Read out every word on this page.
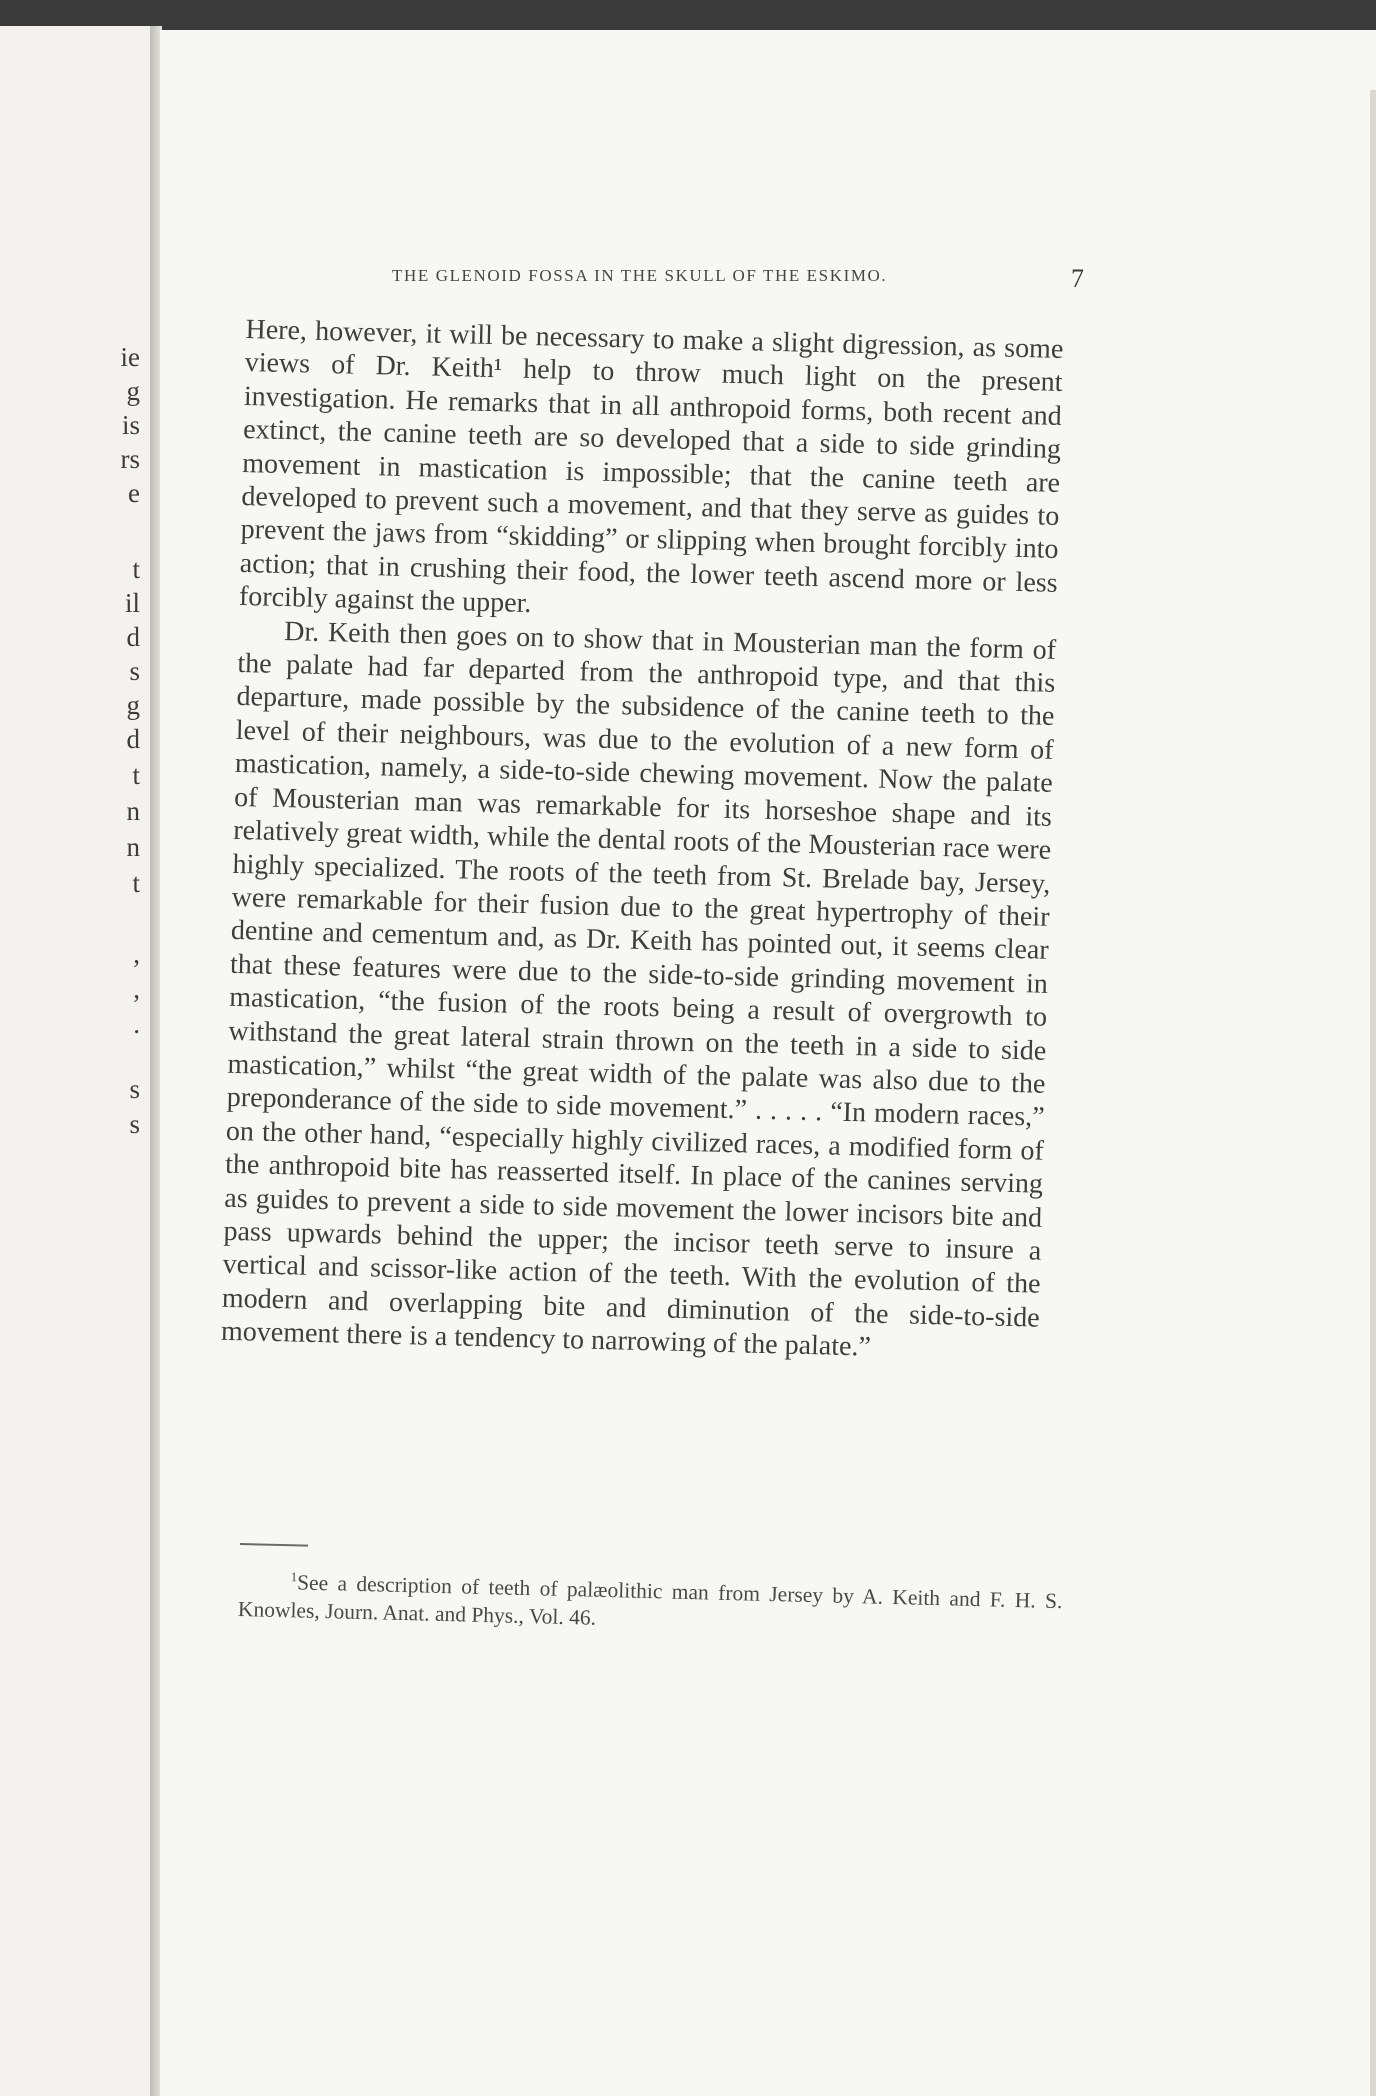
ie
g
is
rs
e
t
il
d
s
g
d
t
n
n
t
,
,
.
s
s
THE GLENOID FOSSA IN THE SKULL OF THE ESKIMO.	7

Here, however, it will be necessary to make a slight digression, as some views of Dr. Keith¹ help to throw much light on the present investigation. He remarks that in all anthropoid forms, both recent and extinct, the canine teeth are so developed that a side to side grinding movement in mastication is impossible; that the canine teeth are developed to prevent such a movement, and that they serve as guides to prevent the jaws from “skidding” or slipping when brought forcibly into action; that in crushing their food, the lower teeth ascend more or less forcibly against the upper.

Dr. Keith then goes on to show that in Mousterian man the form of the palate had far departed from the anthropoid type, and that this departure, made possible by the subsidence of the canine teeth to the level of their neighbours, was due to the evolution of a new form of mastication, namely, a side-to-side chewing movement. Now the palate of Mousterian man was remarkable for its horseshoe shape and its relatively great width, while the dental roots of the Mousterian race were highly specialized. The roots of the teeth from St. Brelade bay, Jersey, were remarkable for their fusion due to the great hypertrophy of their dentine and cementum and, as Dr. Keith has pointed out, it seems clear that these features were due to the side-to-side grinding movement in mastication, “the fusion of the roots being a result of overgrowth to withstand the great lateral strain thrown on the teeth in a side to side mastication,” whilst “the great width of the palate was also due to the preponderance of the side to side movement.” . . . . . “In modern races,” on the other hand, “especially highly civilized races, a modified form of the anthropoid bite has reasserted itself. In place of the canines serving as guides to prevent a side to side movement the lower incisors bite and pass upwards behind the upper; the incisor teeth serve to insure a vertical and scissor-like action of the teeth. With the evolution of the modern and overlapping bite and diminution of the side-to-side movement there is a tendency to narrowing of the palate.”

$^1$See a description of teeth of palæolithic man from Jersey by A. Keith and F. H. S. Knowles, Journ. Anat. and Phys., Vol. 46.
